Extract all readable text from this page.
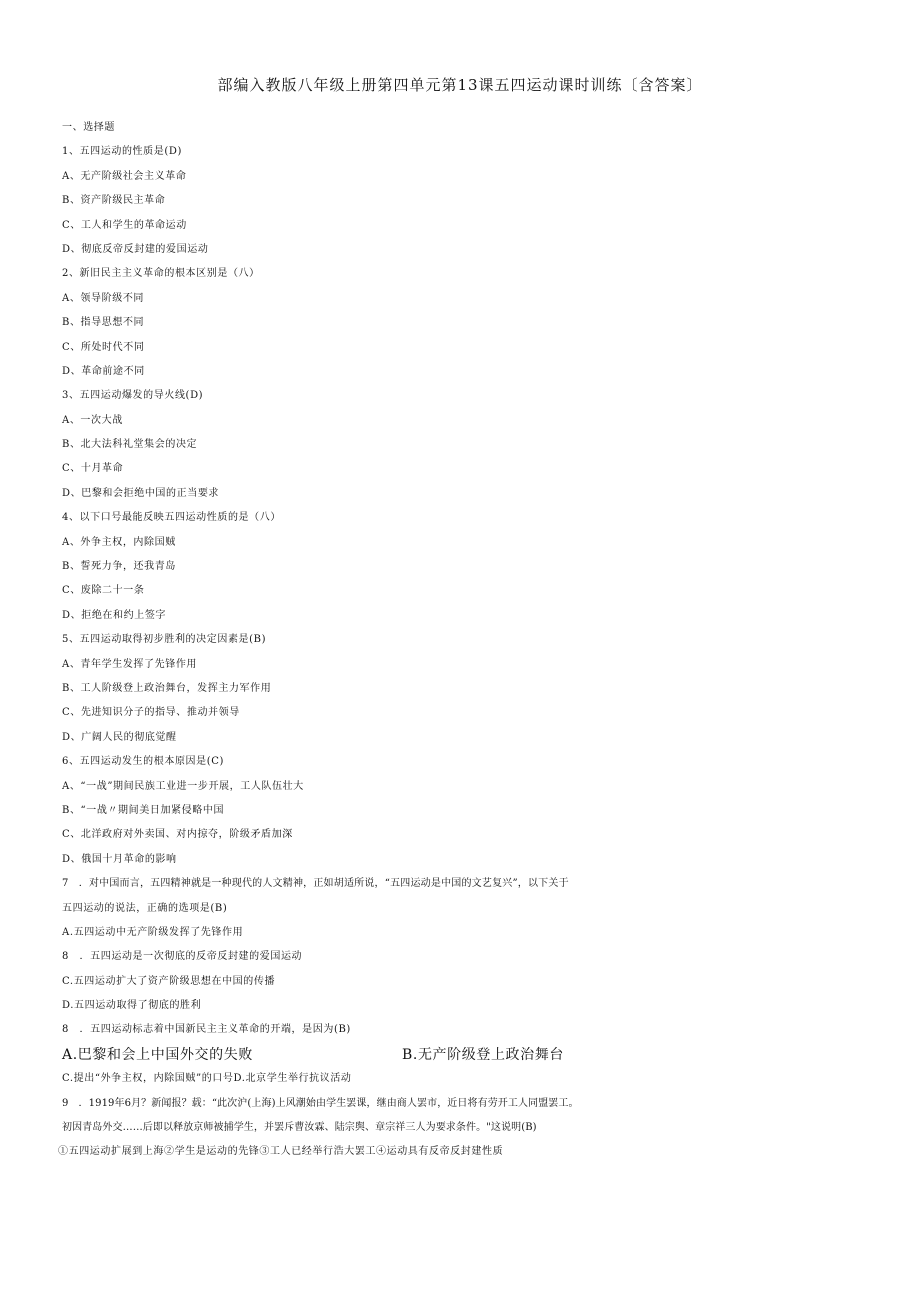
部编入教版八年级上册第四单元第13课五四运动课时训练〔含答案〕
一、选择题
1、五四运动的性质是(D)
A、无产阶级社会主义革命
B、资产阶级民主革命
C、工人和学生的革命运动
D、彻底反帝反封建的爱国运动
2、新旧民主主义革命的根本区别是（八）
A、领导阶级不同
B、指导思想不同
C、所处时代不同
D、革命前途不同
3、五四运动爆发的导火线(D)
A、一次大战
B、北大法科礼堂集会的决定
C、十月革命
D、巴黎和会拒绝中国的正当要求
4、以下口号最能反映五四运动性质的是（八）
A、外争主权，内除国贼
B、誓死力争，还我青岛
C、废除二十一条
D、拒绝在和约上签字
5、五四运动取得初步胜利的决定因素是(B)
A、青年学生发挥了先锋作用
B、工人阶级登上政治舞台，发挥主力军作用
C、先进知识分子的指导、推动并领导
D、广阔人民的彻底觉醒
6、五四运动发生的根本原因是(C)
A、“一战”期间民族工业进一步开展，工人队伍壮大
B、“一战〃期间美日加紧侵略中国
C、北洋政府对外卖国、对内掠夺，阶级矛盾加深
D、俄国十月革命的影响
7　．对中国而言，五四精神就是一种现代的人文精神，正如胡适所说，“五四运动是中国的文艺复兴”，以下关于
五四运动的说法，正确的选项是(B)
A.五四运动中无产阶级发挥了先锋作用
8　．五四运动是一次彻底的反帝反封建的爱国运动
C.五四运动扩大了资产阶级思想在中国的传播
D.五四运动取得了彻底的胜利
8　．五四运动标志着中国新民主主义革命的开端，是因为(B)
A.巴黎和会上中国外交的失败	B.无产阶级登上政治舞台
C.提出“外争主权，内除国贼”的口号D.北京学生举行抗议活动
9　．1919年6月？新闻报？载：“此次沪(上海)上风潮始由学生罢课，继由商人罢市，近日将有劳开工人同盟罢工。
初因青岛外交……后即以释放京师被捕学生，并罢斥曹汝霖、陆宗舆、章宗祥三人为要求条件。"这说明(B)
①五四运动扩展到上海②学生是运动的先锋③工人已经举行浩大罢工④运动具有反帝反封建性质
